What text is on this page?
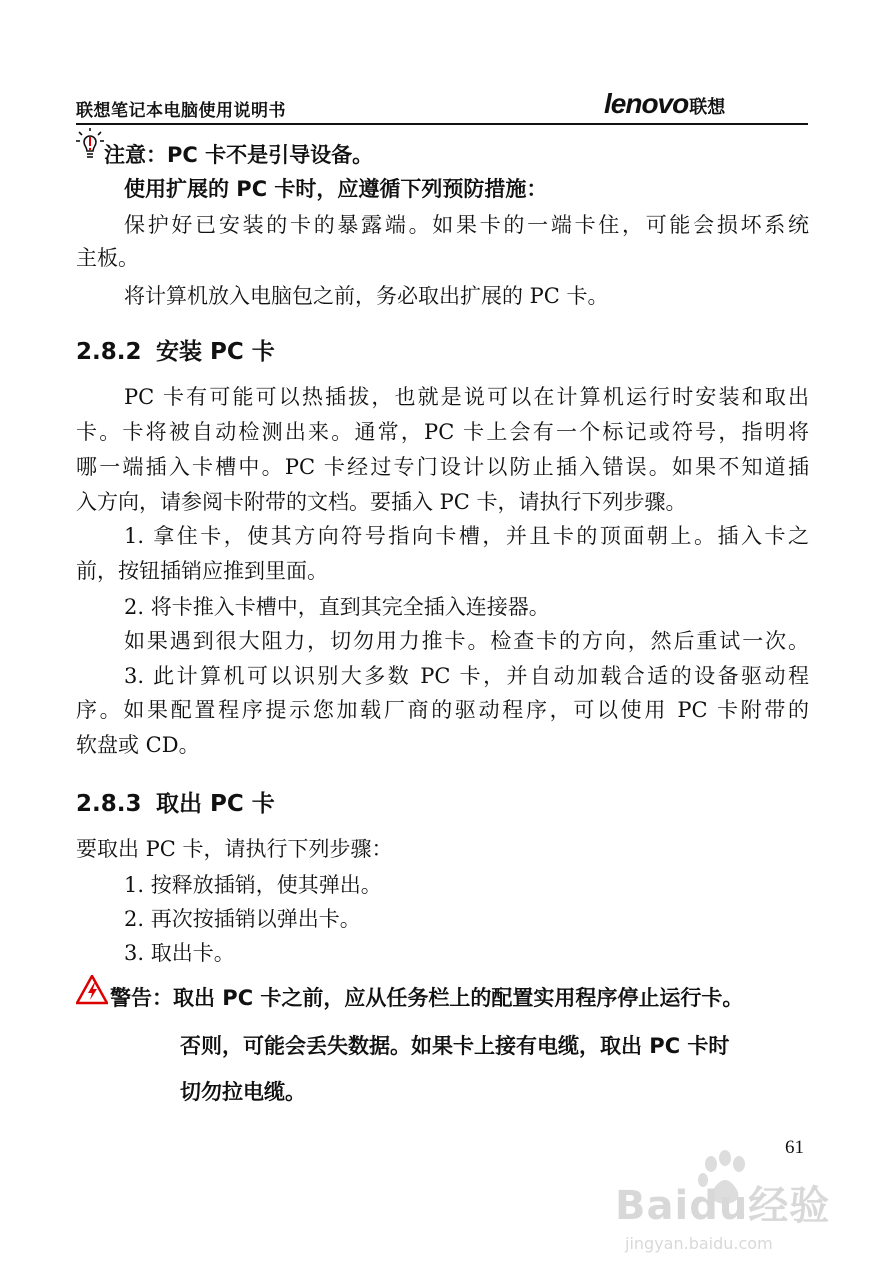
联想笔记本电脑使用说明书	lenovo 联想
注意：PC 卡不是引导设备。
使用扩展的 PC 卡时，应遵循下列预防措施：
保护好已安装的卡的暴露端。如果卡的一端卡住，可能会损坏系统
主板。
将计算机放入电脑包之前，务必取出扩展的 PC 卡。
2.8.2 安装 PC 卡
PC 卡有可能可以热插拔，也就是说可以在计算机运行时安装和取出
卡。卡将被自动检测出来。通常，PC 卡上会有一个标记或符号，指明将
哪一端插入卡槽中。PC 卡经过专门设计以防止插入错误。如果不知道插
入方向，请参阅卡附带的文档。要插入 PC 卡，请执行下列步骤。
1. 拿住卡，使其方向符号指向卡槽，并且卡的顶面朝上。插入卡之
前，按钮插销应推到里面。
2. 将卡推入卡槽中，直到其完全插入连接器。
如果遇到很大阻力，切勿用力推卡。检查卡的方向，然后重试一次。
3. 此计算机可以识别大多数 PC 卡，并自动加载合适的设备驱动程
序。如果配置程序提示您加载厂商的驱动程序，可以使用 PC 卡附带的
软盘或 CD。
2.8.3 取出 PC 卡
要取出 PC 卡，请执行下列步骤：
1. 按释放插销，使其弹出。
2. 再次按插销以弹出卡。
3. 取出卡。
警告：取出 PC 卡之前，应从任务栏上的配置实用程序停止运行卡。
否则，可能会丢失数据。如果卡上接有电缆，取出 PC 卡时
切勿拉电缆。
61
Baidu经验
jingyan.baidu.com
